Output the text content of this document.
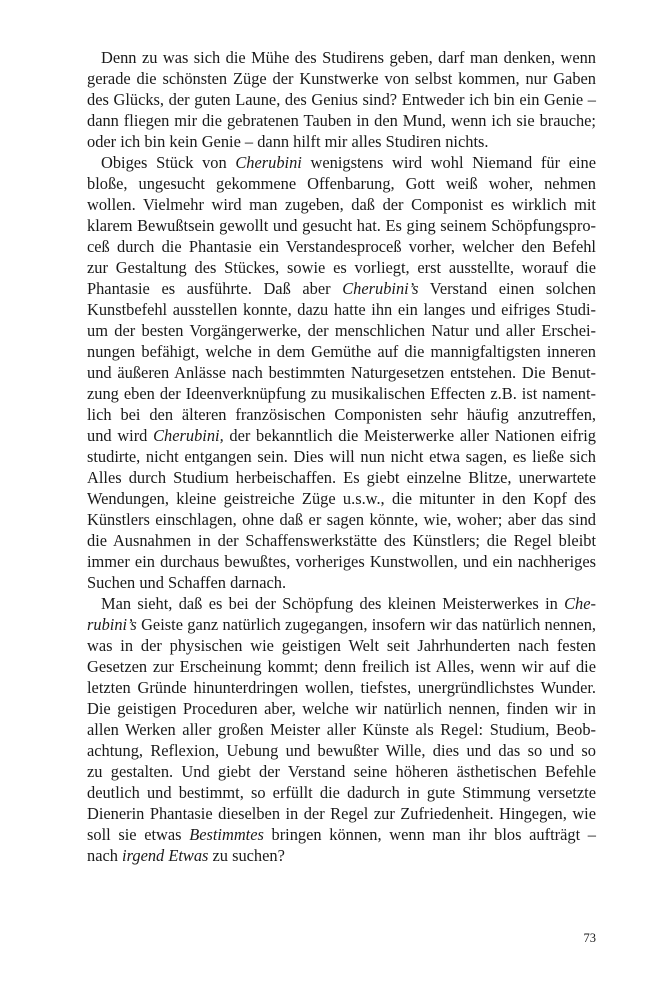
Denn zu was sich die Mühe des Studirens geben, darf man denken, wenn
gerade die schönsten Züge der Kunstwerke von selbst kommen, nur Gaben
des Glücks, der guten Laune, des Genius sind? Entweder ich bin ein Genie –
dann fliegen mir die gebratenen Tauben in den Mund, wenn ich sie brauche;
oder ich bin kein Genie – dann hilft mir alles Studiren nichts.
Obiges Stück von Cherubini wenigstens wird wohl Niemand für eine
bloße, ungesucht gekommene Offenbarung, Gott weiß woher, nehmen
wollen. Vielmehr wird man zugeben, daß der Componist es wirklich mit
klarem Bewußtsein gewollt und gesucht hat. Es ging seinem Schöpfungspro-
ceß durch die Phantasie ein Verstandesproceß vorher, welcher den Befehl
zur Gestaltung des Stückes, sowie es vorliegt, erst ausstellte, worauf die
Phantasie es ausführte. Daß aber Cherubini’s Verstand einen solchen
Kunstbefehl ausstellen konnte, dazu hatte ihn ein langes und eifriges Studi-
um der besten Vorgängerwerke, der menschlichen Natur und aller Erschei-
nungen befähigt, welche in dem Gemüthe auf die mannigfaltigsten inneren
und äußeren Anlässe nach bestimmten Naturgesetzen entstehen. Die Benut-
zung eben der Ideenverknüpfung zu musikalischen Effecten z.B. ist nament-
lich bei den älteren französischen Componisten sehr häufig anzutreffen,
und wird Cherubini, der bekanntlich die Meisterwerke aller Nationen eifrig
studirte, nicht entgangen sein. Dies will nun nicht etwa sagen, es ließe sich
Alles durch Studium herbeischaffen. Es giebt einzelne Blitze, unerwartete
Wendungen, kleine geistreiche Züge u.s.w., die mitunter in den Kopf des
Künstlers einschlagen, ohne daß er sagen könnte, wie, woher; aber das sind
die Ausnahmen in der Schaffenswerkstätte des Künstlers; die Regel bleibt
immer ein durchaus bewußtes, vorheriges Kunstwollen, und ein nachheriges
Suchen und Schaffen darnach.
Man sieht, daß es bei der Schöpfung des kleinen Meisterwerkes in Che-
rubini’s Geiste ganz natürlich zugegangen, insofern wir das natürlich nennen,
was in der physischen wie geistigen Welt seit Jahrhunderten nach festen
Gesetzen zur Erscheinung kommt; denn freilich ist Alles, wenn wir auf die
letzten Gründe hinunterdringen wollen, tiefstes, unergründlichstes Wunder.
Die geistigen Proceduren aber, welche wir natürlich nennen, finden wir in
allen Werken aller großen Meister aller Künste als Regel: Studium, Beob-
achtung, Reflexion, Uebung und bewußter Wille, dies und das so und so
zu gestalten. Und giebt der Verstand seine höheren ästhetischen Befehle
deutlich und bestimmt, so erfüllt die dadurch in gute Stimmung versetzte
Dienerin Phantasie dieselben in der Regel zur Zufriedenheit. Hingegen, wie
soll sie etwas Bestimmtes bringen können, wenn man ihr blos aufträgt –
nach irgend Etwas zu suchen?
73
